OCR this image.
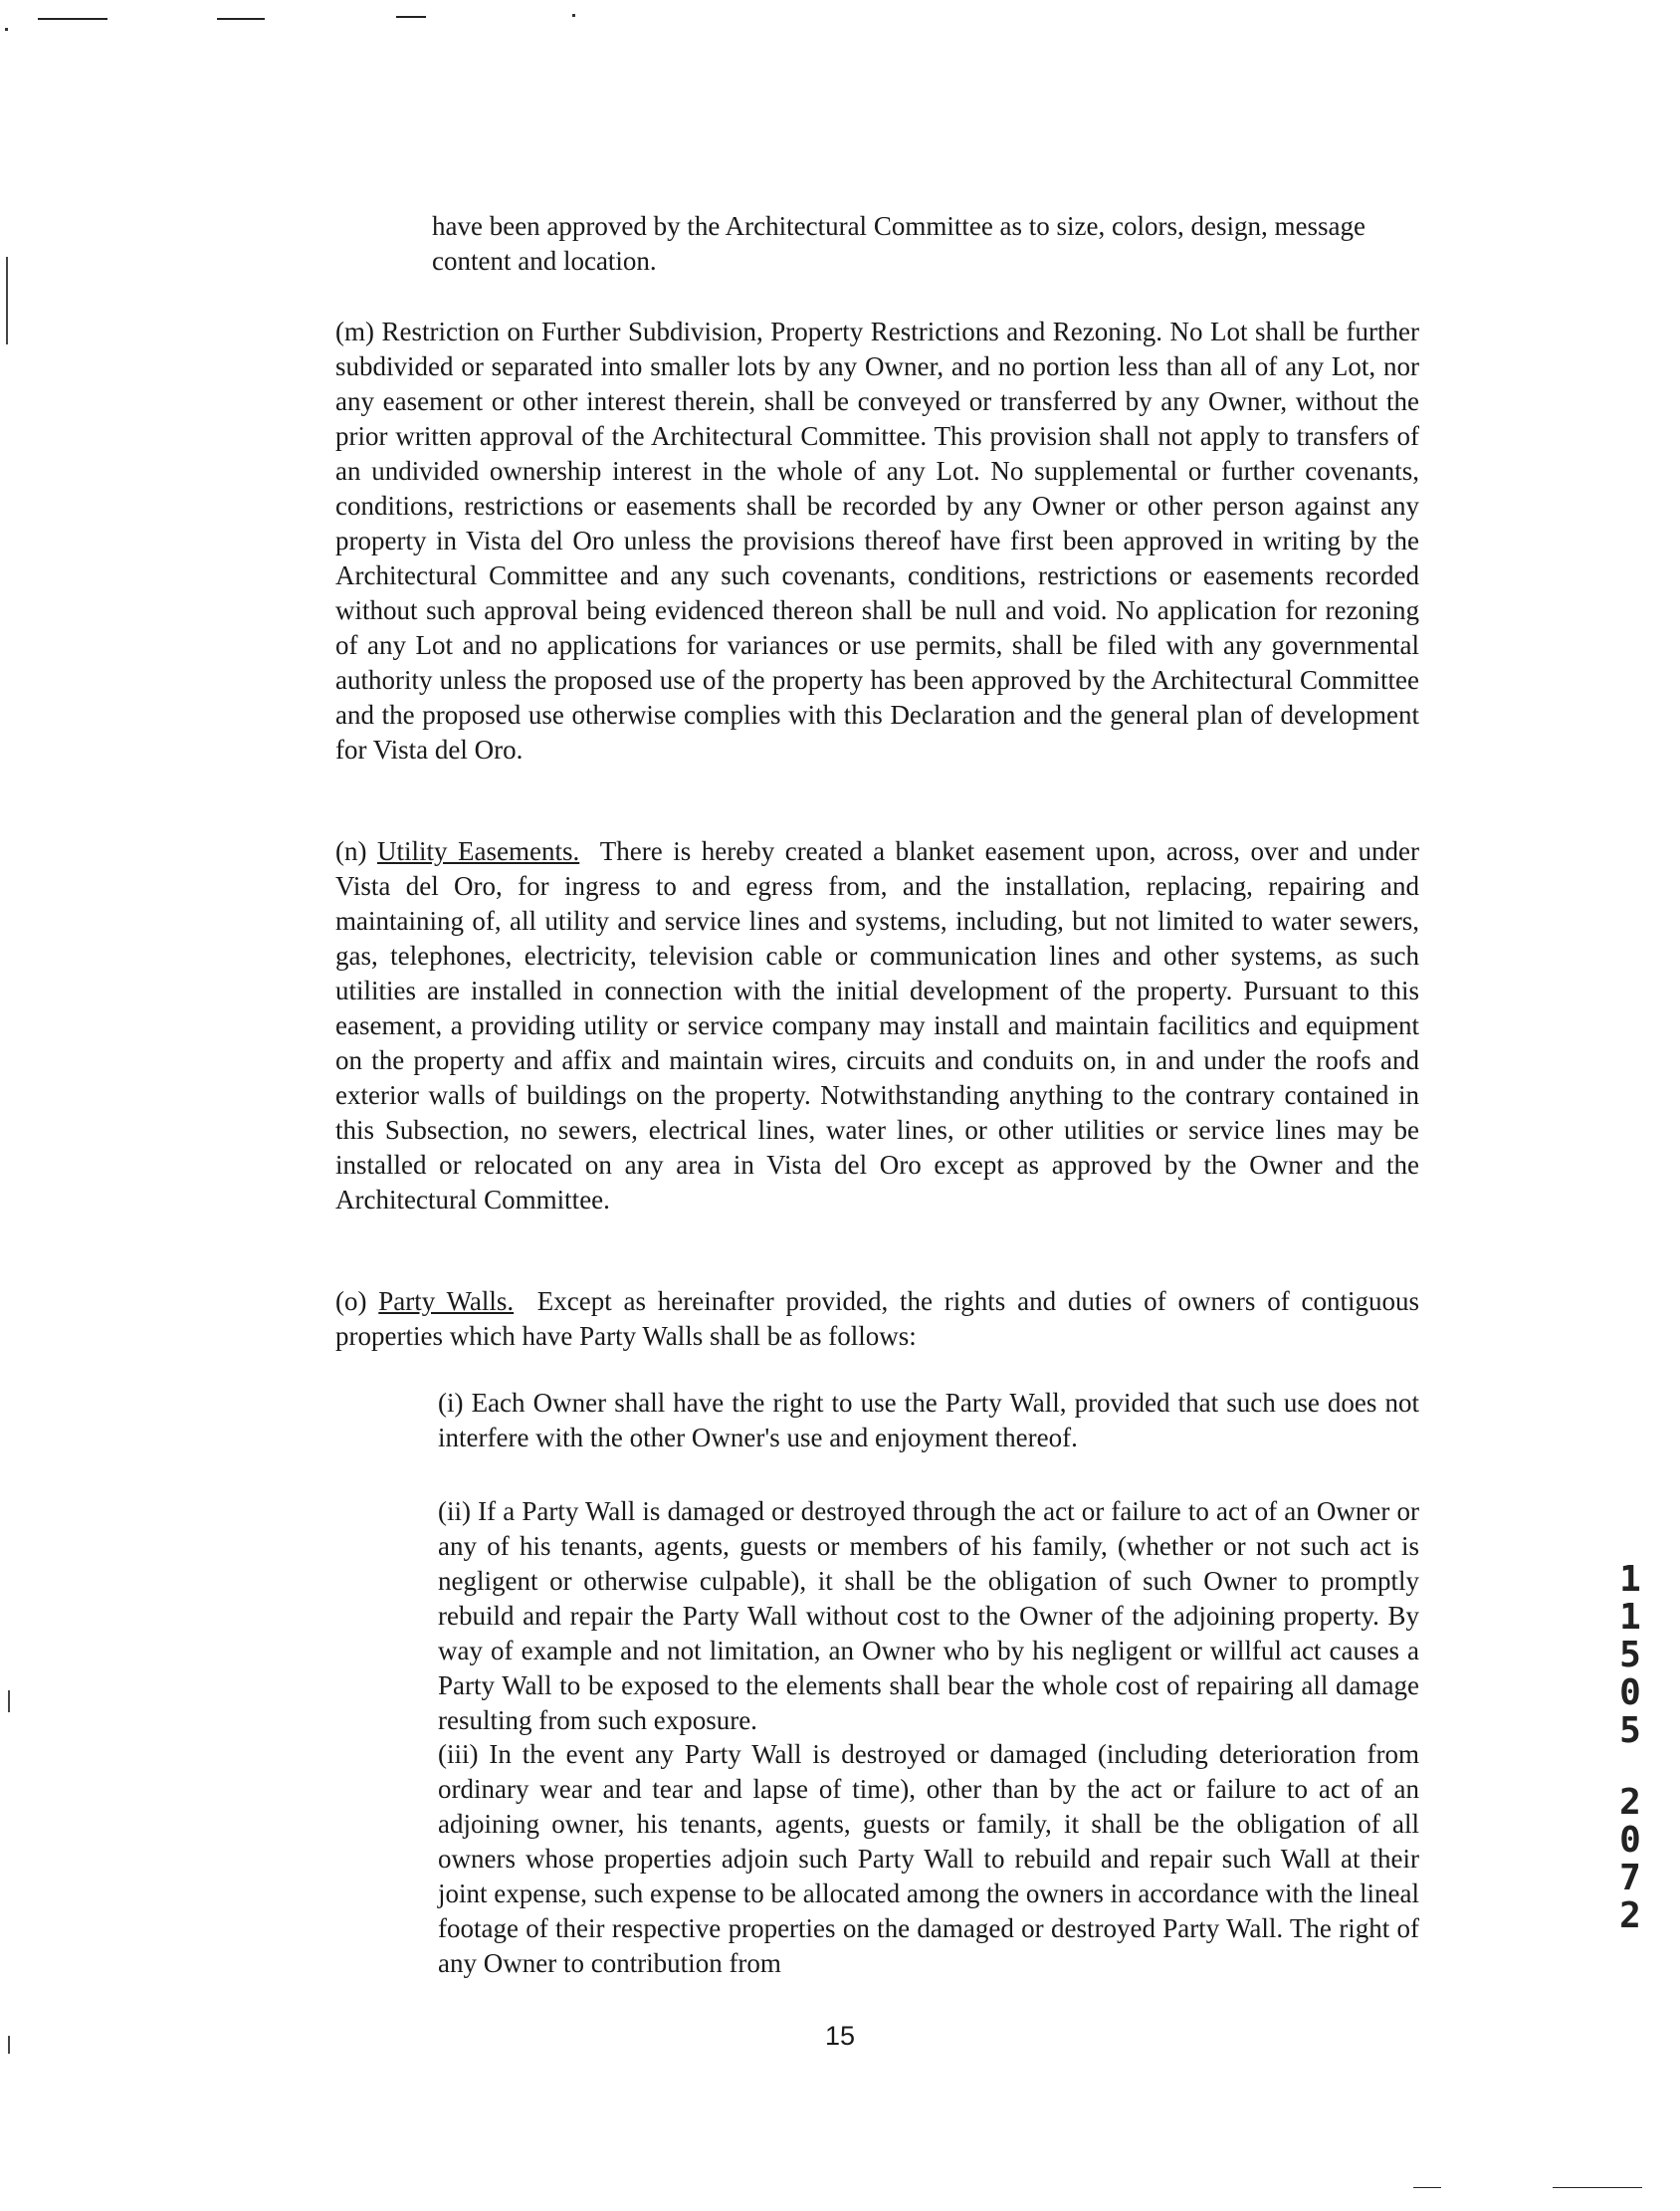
have been approved by the Architectural Committee as to size, colors, design, message content and location.

(m) Restriction on Further Subdivision, Property Restrictions and Rezoning. No Lot shall be further subdivided or separated into smaller lots by any Owner, and no portion less than all of any Lot, nor any easement or other interest therein, shall be conveyed or transferred by any Owner, without the prior written approval of the Architectural Committee. This provision shall not apply to transfers of an undivided ownership interest in the whole of any Lot. No supplemental or further covenants, conditions, restrictions or easements shall be recorded by any Owner or other person against any property in Vista del Oro unless the provisions thereof have first been approved in writing by the Architectural Committee and any such covenants, conditions, restrictions or easements recorded without such approval being evidenced thereon shall be null and void. No application for rezoning of any Lot and no applications for variances or use permits, shall be filed with any governmental authority unless the proposed use of the property has been approved by the Architectural Committee and the proposed use otherwise complies with this Declaration and the general plan of development for Vista del Oro.

(n) Utility Easements. There is hereby created a blanket easement upon, across, over and under Vista del Oro, for ingress to and egress from, and the installation, replacing, repairing and maintaining of, all utility and service lines and systems, including, but not limited to water sewers, gas, telephones, electricity, television cable or communication lines and other systems, as such utilities are installed in connection with the initial development of the property. Pursuant to this easement, a providing utility or service company may install and maintain facilitics and equipment on the property and affix and maintain wires, circuits and conduits on, in and under the roofs and exterior walls of buildings on the property. Notwithstanding anything to the contrary contained in this Subsection, no sewers, electrical lines, water lines, or other utilities or service lines may be installed or relocated on any area in Vista del Oro except as approved by the Owner and the Architectural Committee.

(o) Party Walls. Except as hereinafter provided, the rights and duties of owners of contiguous properties which have Party Walls shall be as follows:

(i) Each Owner shall have the right to use the Party Wall, provided that such use does not interfere with the other Owner's use and enjoyment thereof.

(ii) If a Party Wall is damaged or destroyed through the act or failure to act of an Owner or any of his tenants, agents, guests or members of his family, (whether or not such act is negligent or otherwise culpable), it shall be the obligation of such Owner to promptly rebuild and repair the Party Wall without cost to the Owner of the adjoining property. By way of example and not limitation, an Owner who by his negligent or willful act causes a Party Wall to be exposed to the elements shall bear the whole cost of repairing all damage resulting from such exposure.

(iii) In the event any Party Wall is destroyed or damaged (including deterioration from ordinary wear and tear and lapse of time), other than by the act or failure to act of an adjoining owner, his tenants, agents, guests or family, it shall be the obligation of all owners whose properties adjoin such Party Wall to rebuild and repair such Wall at their joint expense, such expense to be allocated among the owners in accordance with the lineal footage of their respective properties on the damaged or destroyed Party Wall. The right of any Owner to contribution from

15
1
1
5
0
5
2
0
7
2
